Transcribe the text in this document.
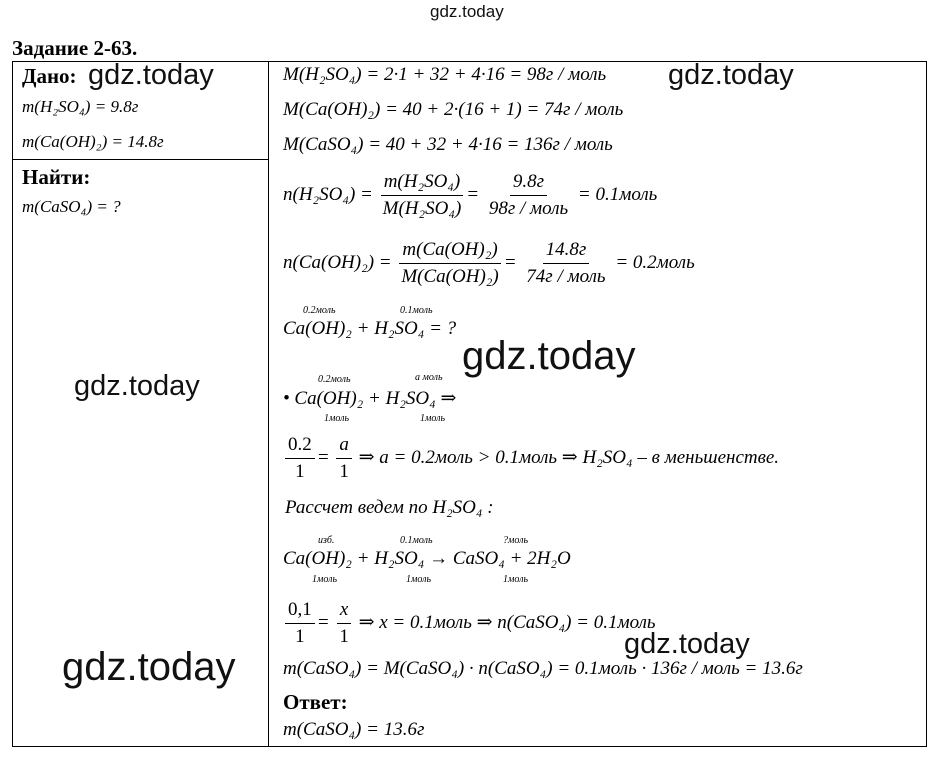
gdz.today
Задание 2-63.
Дано: gdz.today
m(H₂SO₄) = 9.8г
m(Ca(OH)₂) = 14.8г
Найти:
m(CaSO₄) = ?
gdz.today
M(H₂SO₄) = 2·1 + 32 + 4·16 = 98г / моль gdz.today
M(Ca(OH)₂) = 40 + 2·(16 + 1) = 74г / моль
M(CaSO₄) = 40 + 32 + 4·16 = 136г / моль
$n(H_2SO_4) = \frac{\text{m(H₂SO₄)}}{\text{M(H₂SO₄)}} = \frac{9.8г}{\text{98г / моль}}$ = 0.1моль
$n(Ca(OH)_2) = \frac{\text{m(Ca(OH)₂)}}{\text{M(Ca(OH)₂)}} = \frac{14.8г}{\text{74г / моль}}$ = 0.2моль
0.2моль	0.1моль
Ca(OH)₂ + H₂SO₄ = ?
gdz.today
0.2моль	a моль
• Ca(OH)₂ + H₂SO₄ ⇒
1моль	1моль
$\frac{0.2}{1} = \frac{a}{1}$ ⇒ a = 0.2моль > 0.1моль ⇒ H₂SO₄ – в меньшенстве.
Рассчет ведем по H₂SO₄ :
изб.	0.1моль	?моль
Ca(OH)₂ + H₂SO₄ → CaSO₄ + 2H₂O
1моль	1моль	1моль
$\frac{0,1}{1} = \frac{x}{1}$ ⇒ x = 0.1моль ⇒ n(CaSO₄) = 0.1моль
gdz.today
gdz.today	m(CaSO₄) = M(CaSO₄) · n(CaSO₄) = 0.1моль · 136г / моль = 13.6г
Ответ:
m(CaSO₄) = 13.6г
